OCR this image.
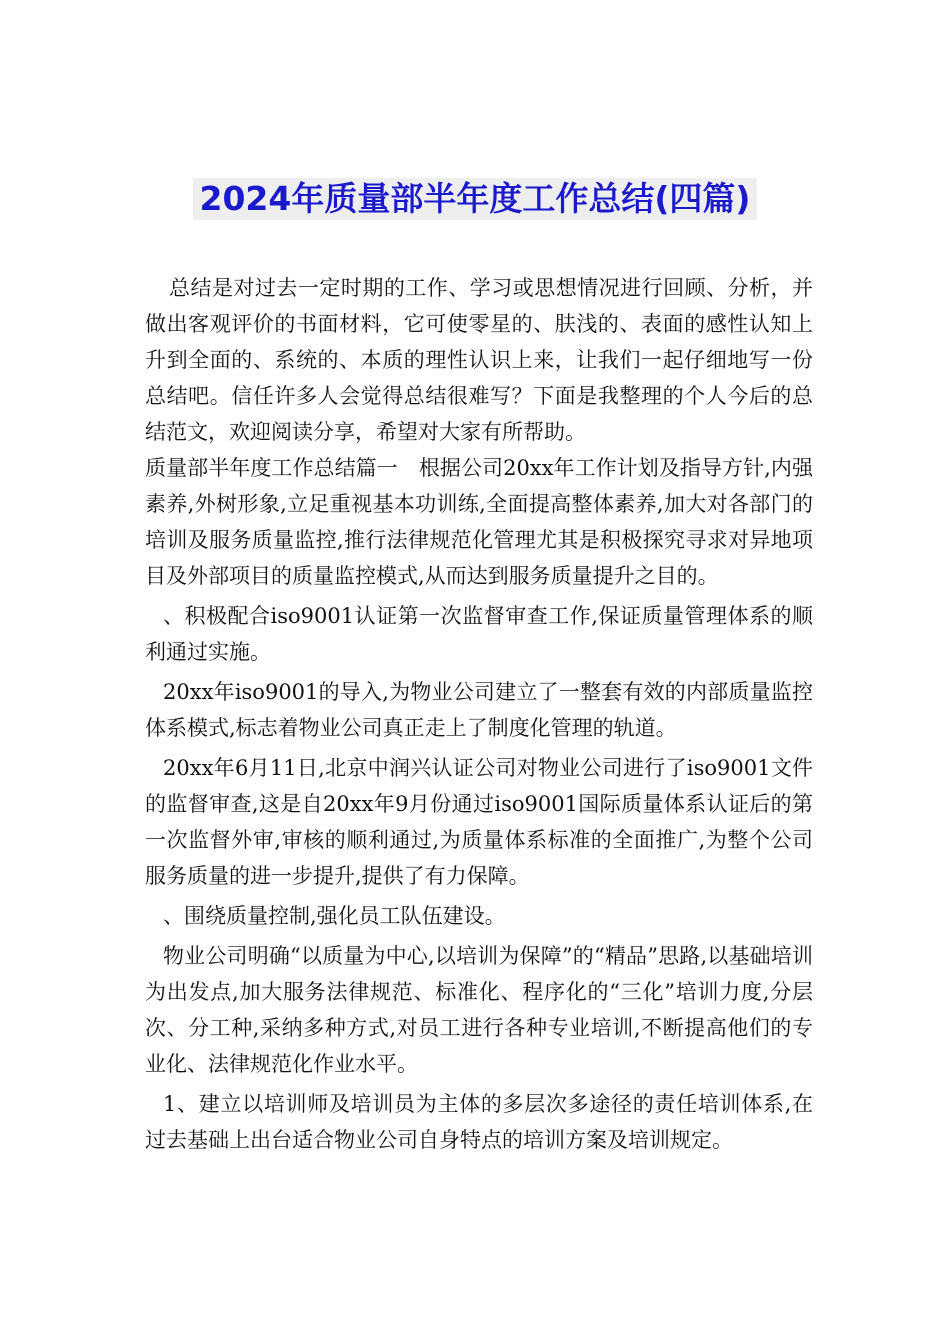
2024年质量部半年度工作总结(四篇)

总结是对过去一定时期的工作、学习或思想情况进行回顾、分析，并做出客观评价的书面材料，它可使零星的、肤浅的、表面的感性认知上升到全面的、系统的、本质的理性认识上来，让我们一起仔细地写一份总结吧。信任许多人会觉得总结很难写？下面是我整理的个人今后的总结范文，欢迎阅读分享，希望对大家有所帮助。

质量部半年度工作总结篇一　根据公司20xx年工作计划及指导方针,内强素养,外树形象,立足重视基本功训练,全面提高整体素养,加大对各部门的培训及服务质量监控,推行法律规范化管理尤其是积极探究寻求对异地项目及外部项目的质量监控模式,从而达到服务质量提升之目的。

、积极配合iso9001认证第一次监督审查工作,保证质量管理体系的顺利通过实施。

20xx年iso9001的导入,为物业公司建立了一整套有效的内部质量监控体系模式,标志着物业公司真正走上了制度化管理的轨道。

20xx年6月11日,北京中润兴认证公司对物业公司进行了iso9001文件的监督审查,这是自20xx年9月份通过iso9001国际质量体系认证后的第一次监督外审,审核的顺利通过,为质量体系标准的全面推广,为整个公司服务质量的进一步提升,提供了有力保障。

、围绕质量控制,强化员工队伍建设。

物业公司明确“以质量为中心,以培训为保障”的“精品”思路,以基础培训为出发点,加大服务法律规范、标准化、程序化的“三化”培训力度,分层次、分工种,采纳多种方式,对员工进行各种专业培训,不断提高他们的专业化、法律规范化作业水平。

1、建立以培训师及培训员为主体的多层次多途径的责任培训体系,在过去基础上出台适合物业公司自身特点的培训方案及培训规定。
